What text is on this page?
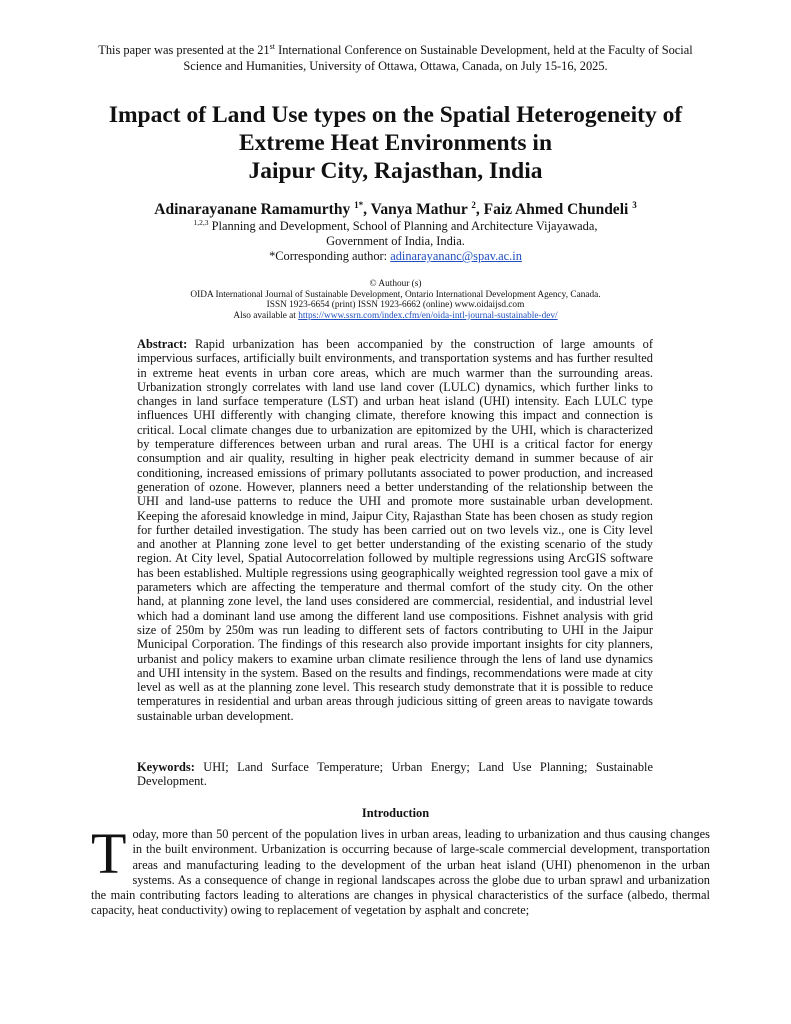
This paper was presented at the 21st International Conference on Sustainable Development, held at the Faculty of Social Science and Humanities, University of Ottawa, Ottawa, Canada, on July 15-16, 2025.
Impact of Land Use types on the Spatial Heterogeneity of
Extreme Heat Environments in
Jaipur City, Rajasthan, India
Adinarayanane Ramamurthy $^{1*}$, Vanya Mathur $^2$, Faiz Ahmed Chundeli $^3$
$^{1,2,3}$ Planning and Development, School of Planning and Architecture Vijayawada,
Government of India, India.
*Corresponding author: adinarayananc@spav.ac.in
© Authour (s)
OIDA International Journal of Sustainable Development, Ontario International Development Agency, Canada.
ISSN 1923-6654 (print) ISSN 1923-6662 (online) www.oidaijsd.com
Also available at https://www.ssrn.com/index.cfm/en/oida-intl-journal-sustainable-dev/
Abstract: Rapid urbanization has been accompanied by the construction of large amounts of impervious surfaces, artificially built environments, and transportation systems and has further resulted in extreme heat events in urban core areas, which are much warmer than the surrounding areas. Urbanization strongly correlates with land use land cover (LULC) dynamics, which further links to changes in land surface temperature (LST) and urban heat island (UHI) intensity. Each LULC type influences UHI differently with changing climate, therefore knowing this impact and connection is critical. Local climate changes due to urbanization are epitomized by the UHI, which is characterized by temperature differences between urban and rural areas. The UHI is a critical factor for energy consumption and air quality, resulting in higher peak electricity demand in summer because of air conditioning, increased emissions of primary pollutants associated to power production, and increased generation of ozone. However, planners need a better understanding of the relationship between the UHI and land-use patterns to reduce the UHI and promote more sustainable urban development. Keeping the aforesaid knowledge in mind, Jaipur City, Rajasthan State has been chosen as study region for further detailed investigation. The study has been carried out on two levels viz., one is City level and another at Planning zone level to get better understanding of the existing scenario of the study region. At City level, Spatial Autocorrelation followed by multiple regressions using ArcGIS software has been established. Multiple regressions using geographically weighted regression tool gave a mix of parameters which are affecting the temperature and thermal comfort of the study city. On the other hand, at planning zone level, the land uses considered are commercial, residential, and industrial level which had a dominant land use among the different land use compositions. Fishnet analysis with grid size of 250m by 250m was run leading to different sets of factors contributing to UHI in the Jaipur Municipal Corporation. The findings of this research also provide important insights for city planners, urbanist and policy makers to examine urban climate resilience through the lens of land use dynamics and UHI intensity in the system. Based on the results and findings, recommendations were made at city level as well as at the planning zone level. This research study demonstrate that it is possible to reduce temperatures in residential and urban areas through judicious sitting of green areas to navigate towards sustainable urban development.
Keywords: UHI; Land Surface Temperature; Urban Energy; Land Use Planning; Sustainable Development.
Introduction
Today, more than 50 percent of the population lives in urban areas, leading to urbanization and thus causing changes in the built environment. Urbanization is occurring because of large-scale commercial development, transportation areas and manufacturing leading to the development of the urban heat island (UHI) phenomenon in the urban systems. As a consequence of change in regional landscapes across the globe due to urban sprawl and urbanization the main contributing factors leading to alterations are changes in physical characteristics of the surface (albedo, thermal capacity, heat conductivity) owing to replacement of vegetation by asphalt and concrete;
